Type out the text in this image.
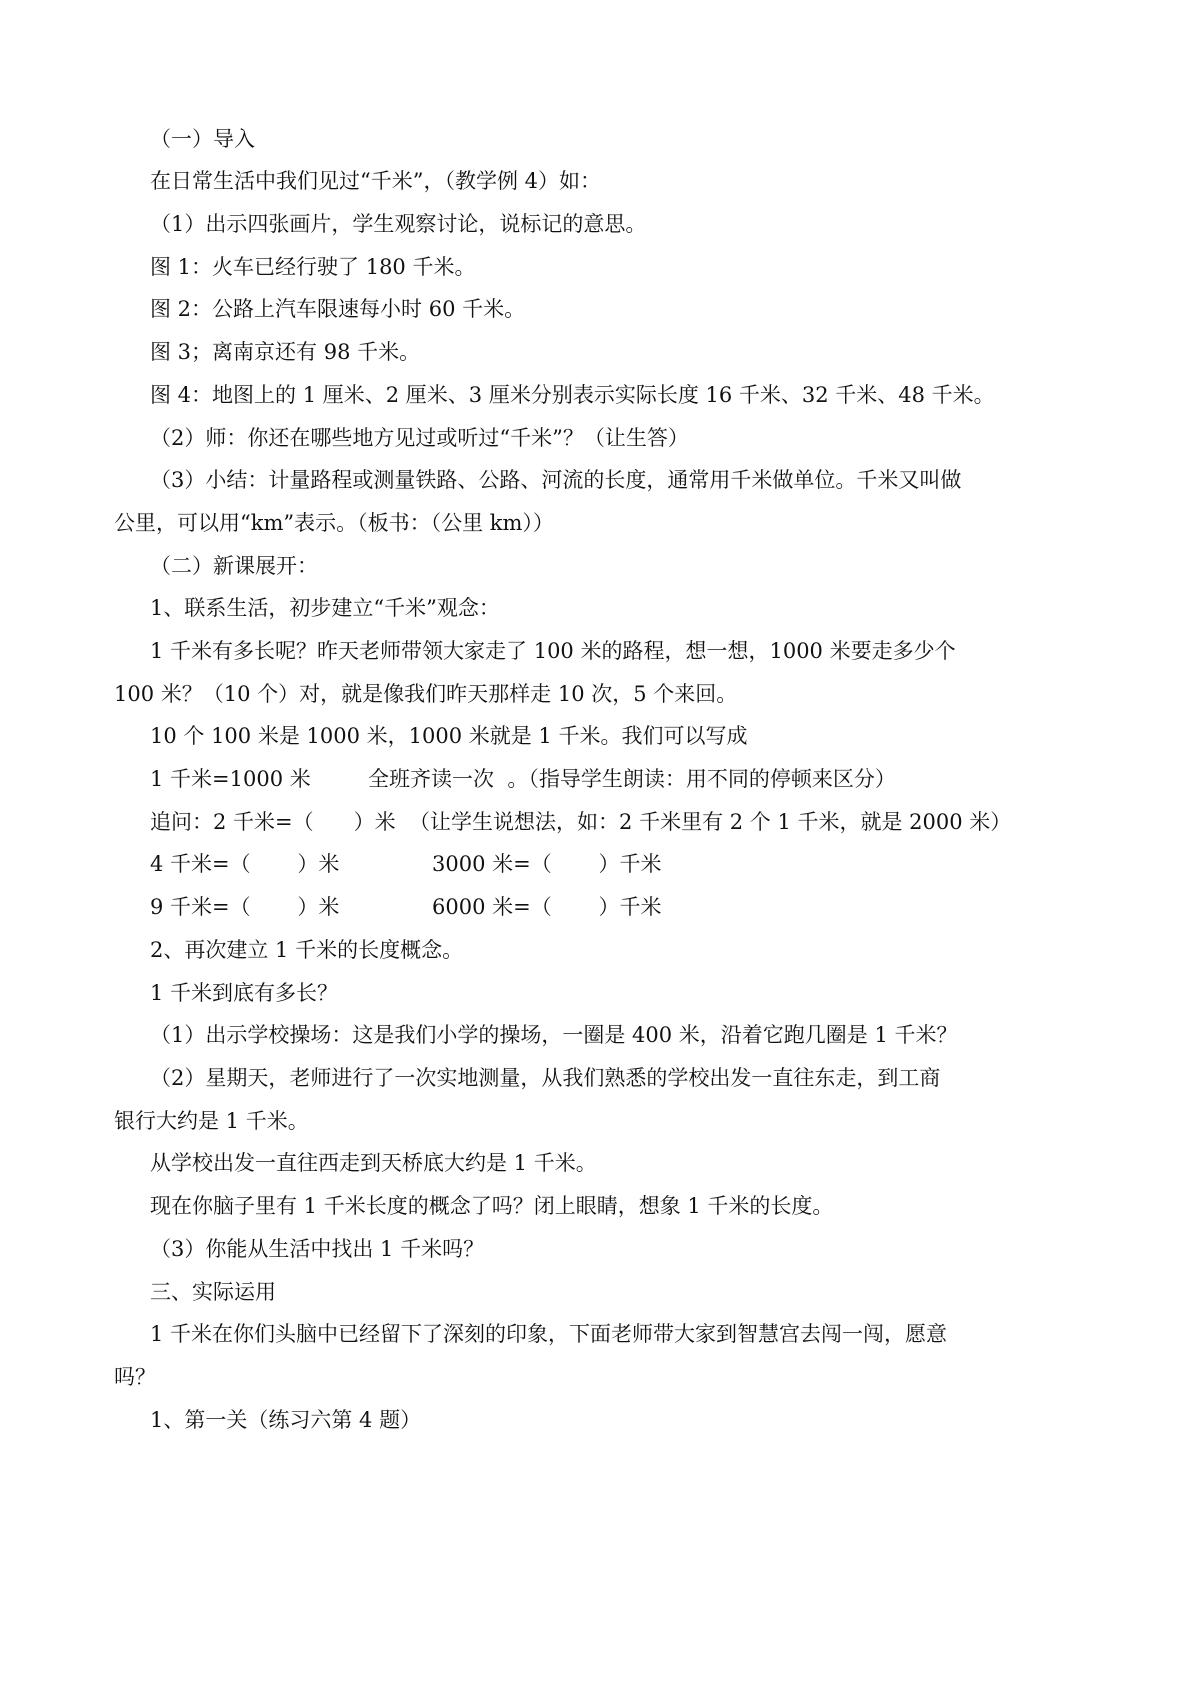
（一）导入
在日常生活中我们见过“千米”，（教学例 4）如：
（1）出示四张画片，学生观察讨论，说标记的意思。
图 1：火车已经行驶了 180 千米。
图 2：公路上汽车限速每小时 60 千米。
图 3；离南京还有 98 千米。
图 4：地图上的 1 厘米、2 厘米、3 厘米分别表示实际长度 16 千米、32 千米、48 千米。
（2）师：你还在哪些地方见过或听过“千米”？（让生答）
（3）小结：计量路程或测量铁路、公路、河流的长度，通常用千米做单位。千米又叫做
公里，可以用“km”表示。（板书：（公里 km））
（二）新课展开：
1、联系生活，初步建立“千米”观念：
1 千米有多长呢？昨天老师带领大家走了 100 米的路程，想一想，1000 米要走多少个
100 米？（10 个）对，就是像我们昨天那样走 10 次，5 个来回。
10 个 100 米是 1000 米，1000 米就是 1 千米。我们可以写成
1 千米=1000 米	全班齐读一次  。（指导学生朗读：用不同的停顿来区分）
追问：2 千米=（      ）米  （让学生说想法，如：2 千米里有 2 个 1 千米，就是 2000 米）
4 千米=（       ）米	3000 米=（       ）千米
9 千米=（       ）米	6000 米=（       ）千米
2、再次建立 1 千米的长度概念。
1 千米到底有多长？
（1）出示学校操场：这是我们小学的操场，一圈是 400 米，沿着它跑几圈是 1 千米？
（2）星期天，老师进行了一次实地测量，从我们熟悉的学校出发一直往东走，到工商
银行大约是 1 千米。
从学校出发一直往西走到天桥底大约是 1 千米。
现在你脑子里有 1 千米长度的概念了吗？闭上眼睛，想象 1 千米的长度。
（3）你能从生活中找出 1 千米吗？
三、实际运用
1 千米在你们头脑中已经留下了深刻的印象，下面老师带大家到智慧宫去闯一闯，愿意
吗？
1、第一关（练习六第 4 题）
